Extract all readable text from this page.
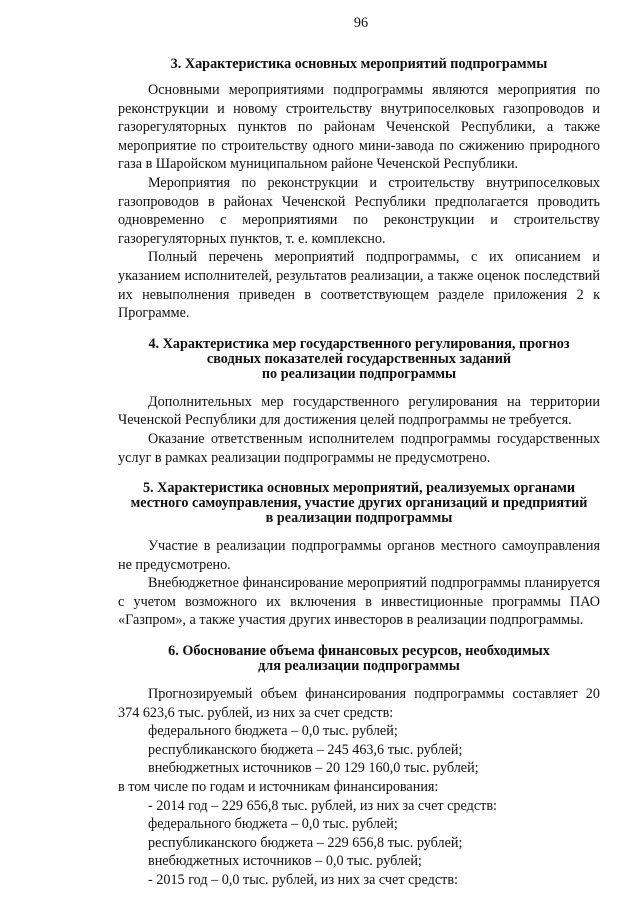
96
3. Характеристика основных мероприятий подпрограммы

Основными мероприятиями подпрограммы являются мероприятия по реконструкции и новому строительству внутрипоселковых газопроводов и газорегуляторных пунктов по районам Чеченской Республики, а также мероприятие по строительству одного мини-завода по сжижению природного газа в Шаройском муниципальном районе Чеченской Республики.

Мероприятия по реконструкции и строительству внутрипоселковых газопроводов в районах Чеченской Республики предполагается проводить одновременно с мероприятиями по реконструкции и строительству газорегуляторных пунктов, т. е. комплексно.

Полный перечень мероприятий подпрограммы, с их описанием и указанием исполнителей, результатов реализации, а также оценок последствий их невыполнения приведен в соответствующем разделе приложения 2 к Программе.

4. Характеристика мер государственного регулирования, прогноз
сводных показателей государственных заданий
по реализации подпрограммы

Дополнительных мер государственного регулирования на территории Чеченской Республики для достижения целей подпрограммы не требуется.

Оказание ответственным исполнителем подпрограммы государственных услуг в рамках реализации подпрограммы не предусмотрено.

5. Характеристика основных мероприятий, реализуемых органами
местного самоуправления, участие других организаций и предприятий
в реализации подпрограммы

Участие в реализации подпрограммы органов местного самоуправления не предусмотрено.

Внебюджетное финансирование мероприятий подпрограммы планируется с учетом возможного их включения в инвестиционные программы ПАО «Газпром», а также участия других инвесторов в реализации подпрограммы.

6. Обоснование объема финансовых ресурсов, необходимых
для реализации подпрограммы

Прогнозируемый объем финансирования подпрограммы составляет 20 374 623,6 тыс. рублей, из них за счет средств:

федерального бюджета – 0,0 тыс. рублей;
республиканского бюджета – 245 463,6 тыс. рублей;
внебюджетных источников – 20 129 160,0 тыс. рублей;
в том числе по годам и источникам финансирования:
- 2014 год – 229 656,8 тыс. рублей, из них за счет средств:
федерального бюджета – 0,0 тыс. рублей;
республиканского бюджета – 229 656,8 тыс. рублей;
внебюджетных источников – 0,0 тыс. рублей;
- 2015 год – 0,0 тыс. рублей, из них за счет средств:
